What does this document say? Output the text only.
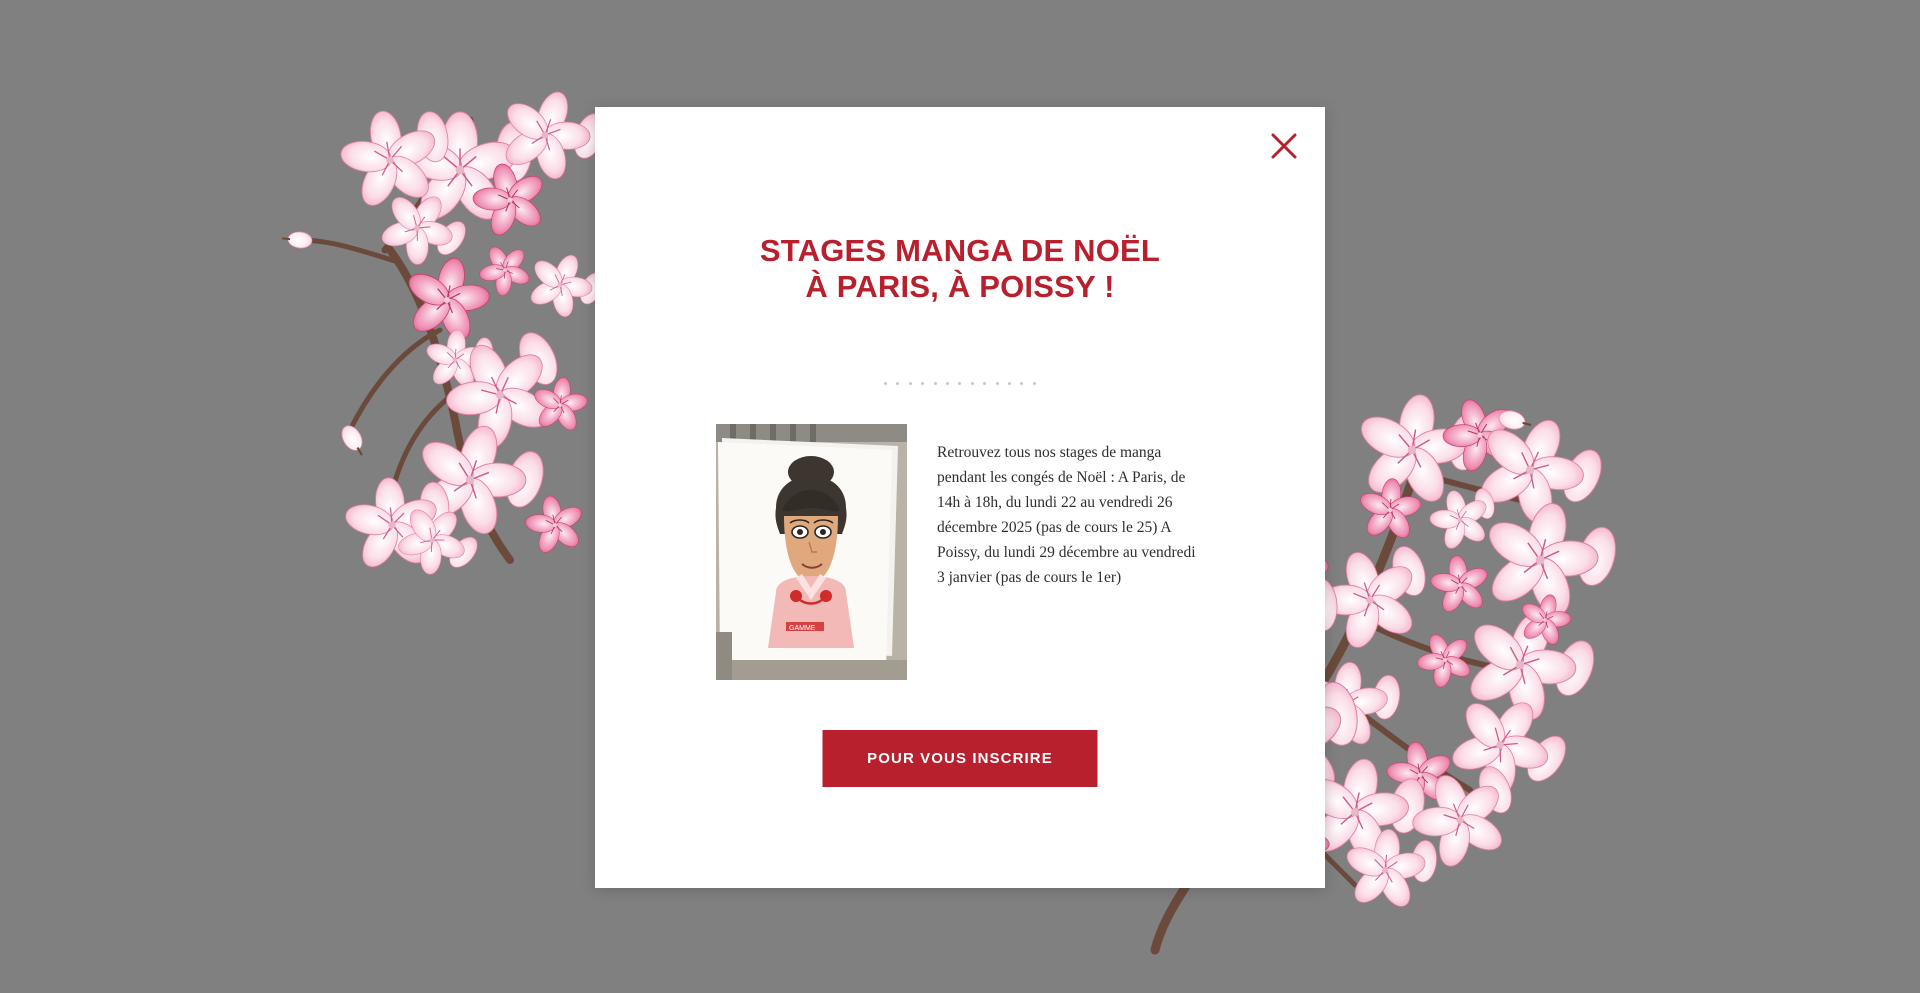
STAGES MANGA DE NOËL À PARIS, À POISSY !
GAMME

Retrouvez tous nos stages de manga pendant les congés de Noël : A Paris, de 14h à 18h, du lundi 22 au vendredi 26 décembre 2025 (pas de cours le 25) A Poissy, du lundi 29 décembre au vendredi 3 janvier (pas de cours le 1er)

POUR VOUS INSCRIRE
